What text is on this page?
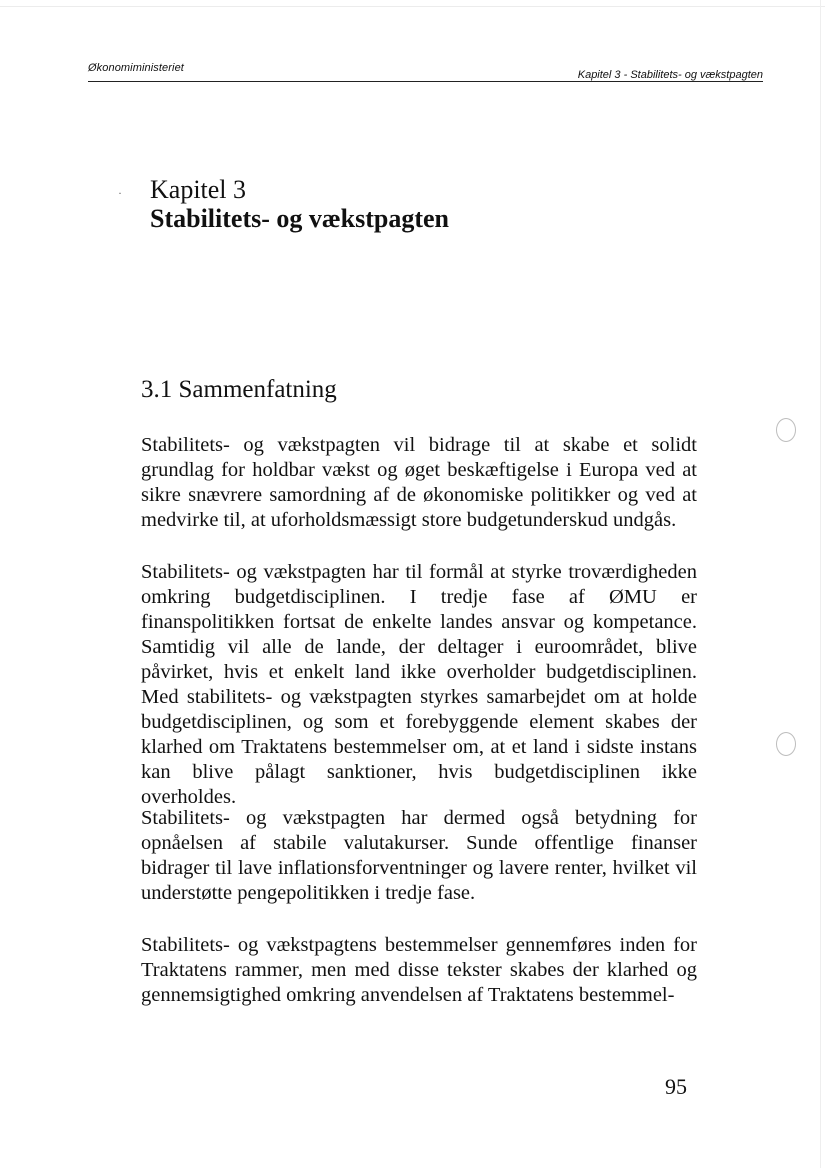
Økonomiministeriet
Kapitel 3 - Stabilitets- og vækstpagten
· Kapitel 3
Stabilitets- og vækstpagten
3.1 Sammenfatning

Stabilitets- og vækstpagten vil bidrage til at skabe et solidt grundlag for holdbar vækst og øget beskæftigelse i Europa ved at sikre snævrere samordning af de økonomiske politikker og ved at medvirke til, at uforholdsmæssigt store budgetunderskud undgås.

Stabilitets- og vækstpagten har til formål at styrke troværdigheden omkring budgetdisciplinen. I tredje fase af ØMU er finanspolitikken fortsat de enkelte landes ansvar og kompetance. Samtidig vil alle de lande, der deltager i euroområdet, blive påvirket, hvis et enkelt land ikke overholder budgetdisciplinen. Med stabilitets- og vækstpagten styrkes samarbejdet om at holde budgetdisciplinen, og som et forebyggende element skabes der klarhed om Traktatens bestemmelser om, at et land i sidste instans kan blive pålagt sanktioner, hvis budgetdisciplinen ikke overholdes.

Stabilitets- og vækstpagten har dermed også betydning for opnåelsen af stabile valutakurser. Sunde offentlige finanser bidrager til lave inflationsforventninger og lavere renter, hvilket vil understøtte pengepolitikken i tredje fase.

Stabilitets- og vækstpagtens bestemmelser gennemføres inden for Traktatens rammer, men med disse tekster skabes der klarhed og gennemsigtighed omkring anvendelsen af Traktatens bestemmel-

95
